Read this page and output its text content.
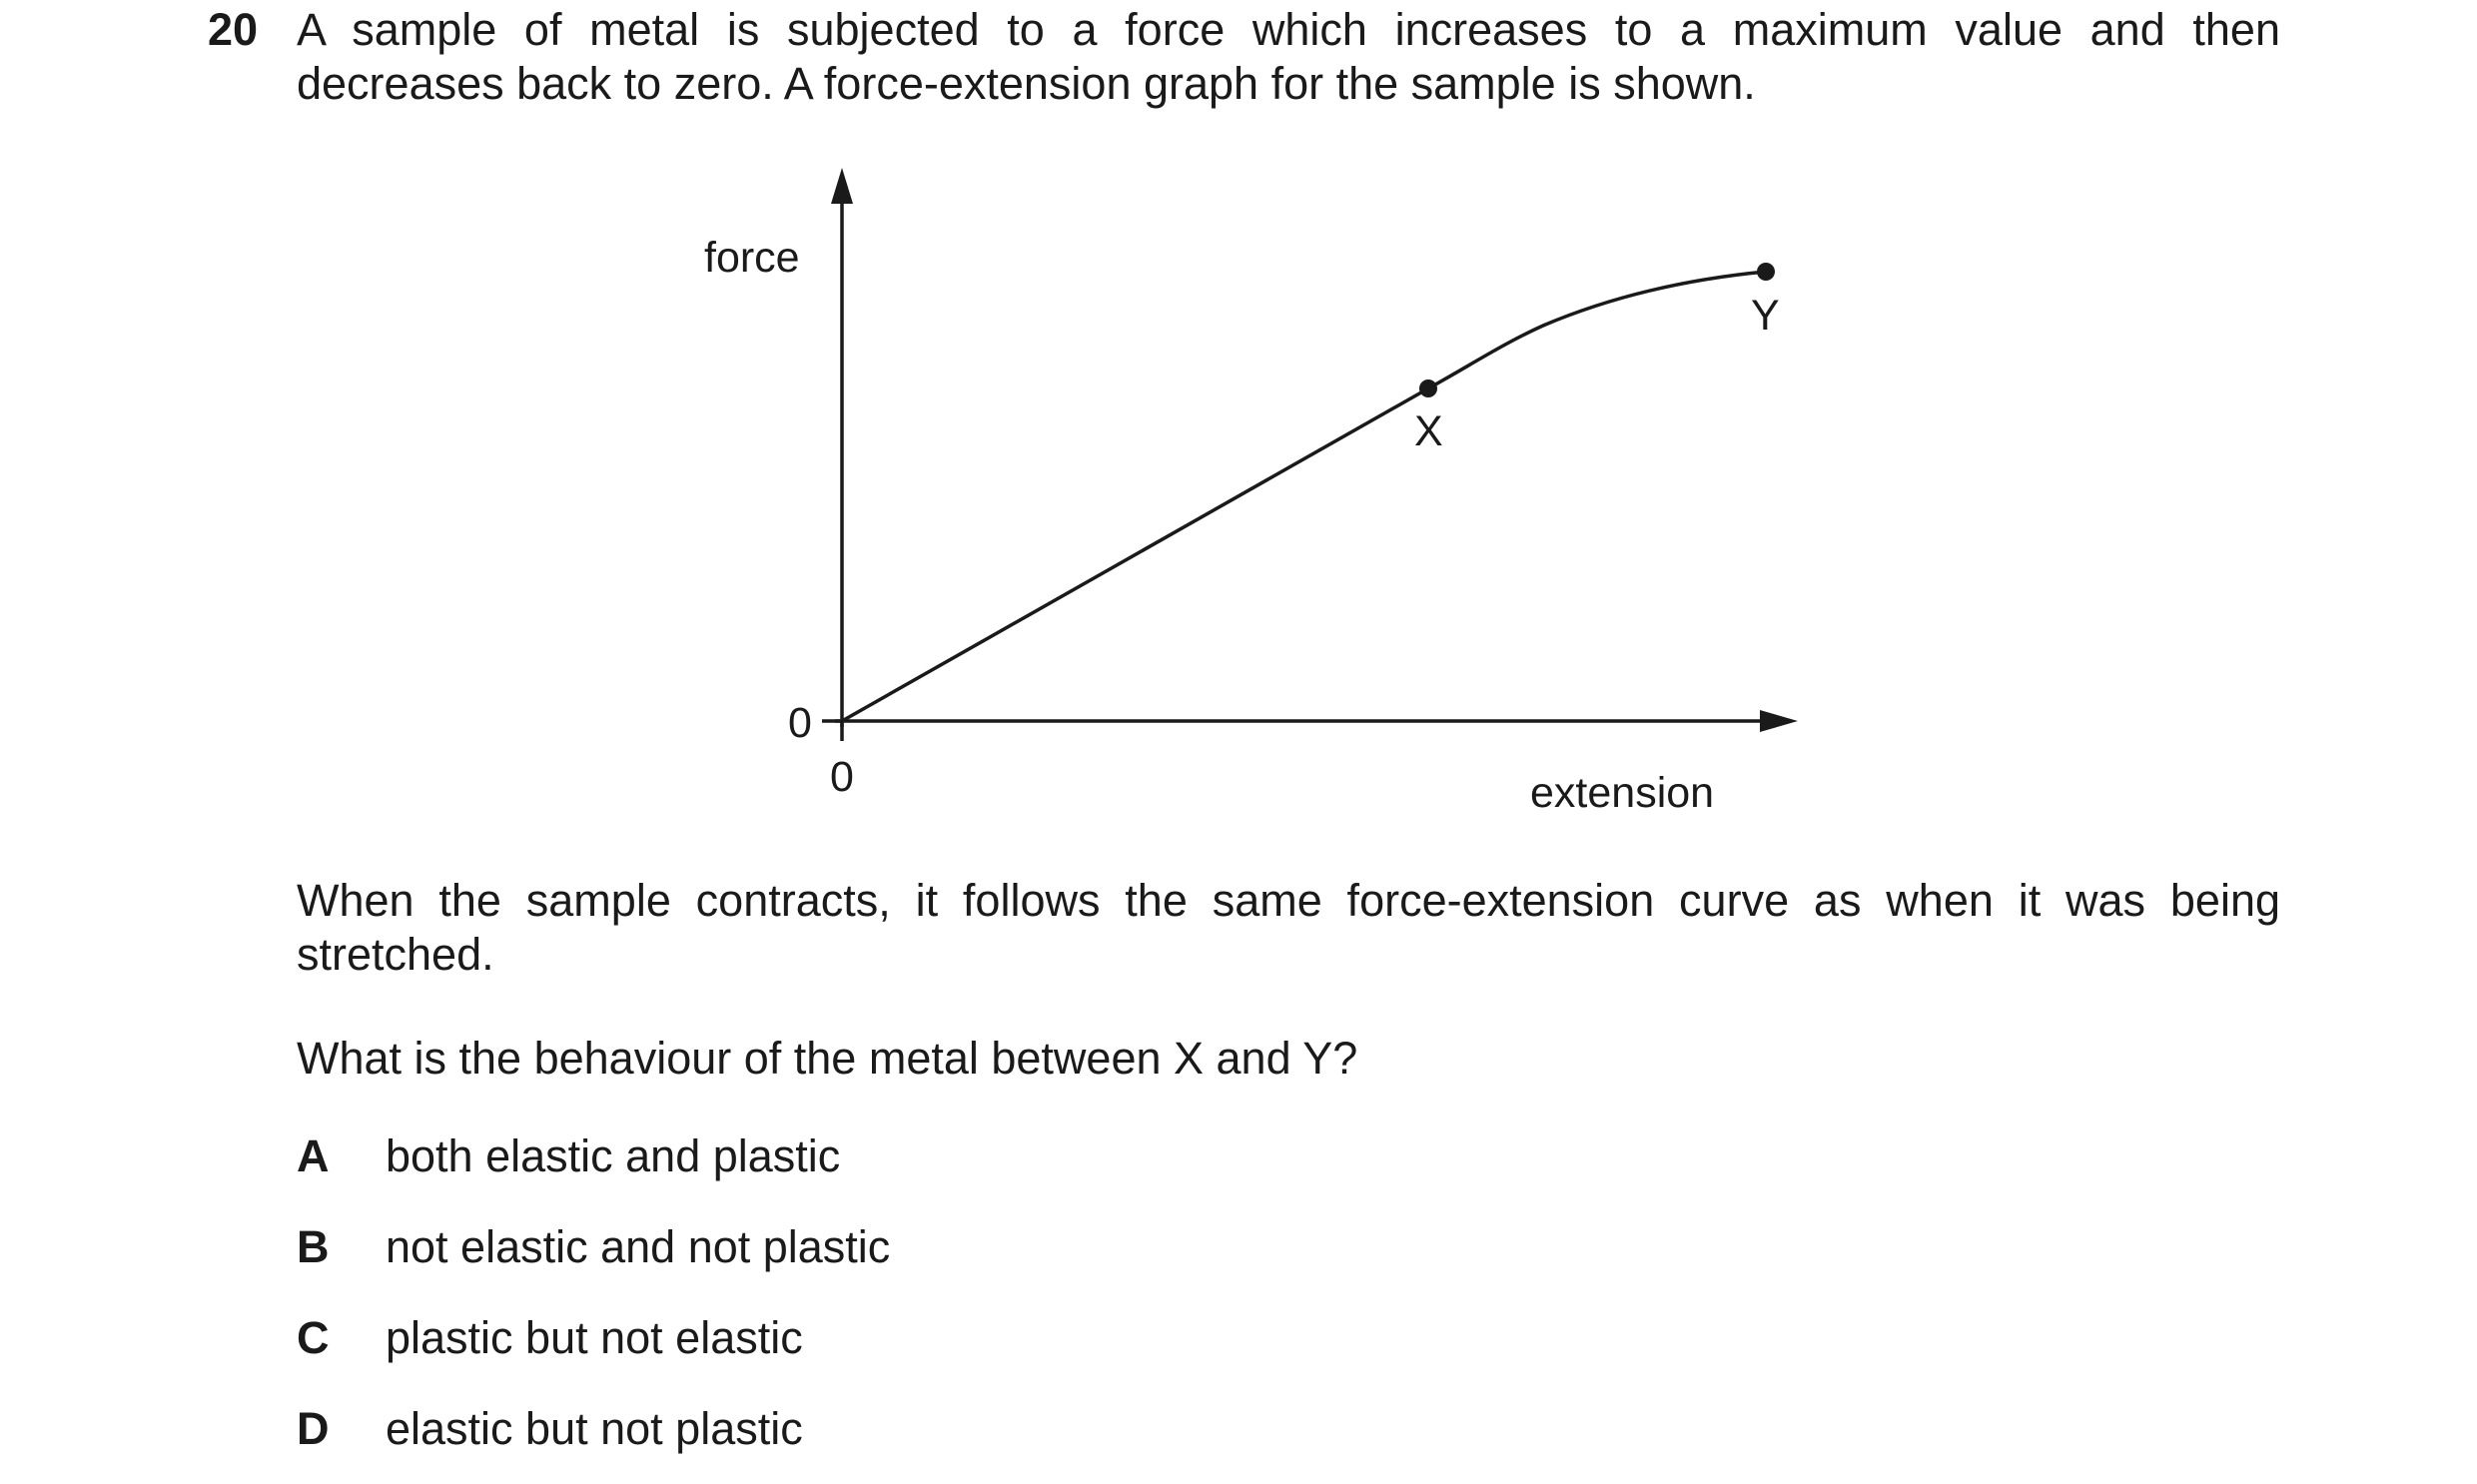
20 A sample of metal is subjected to a force which increases to a maximum value and then
decreases back to zero. A force-extension graph for the sample is shown.
force
extension
0
0
X
Y
When the sample contracts, it follows the same force-extension curve as when it was being
stretched.
What is the behaviour of the metal between X and Y?
A both elastic and plastic
B not elastic and not plastic
C plastic but not elastic
D elastic but not plastic
